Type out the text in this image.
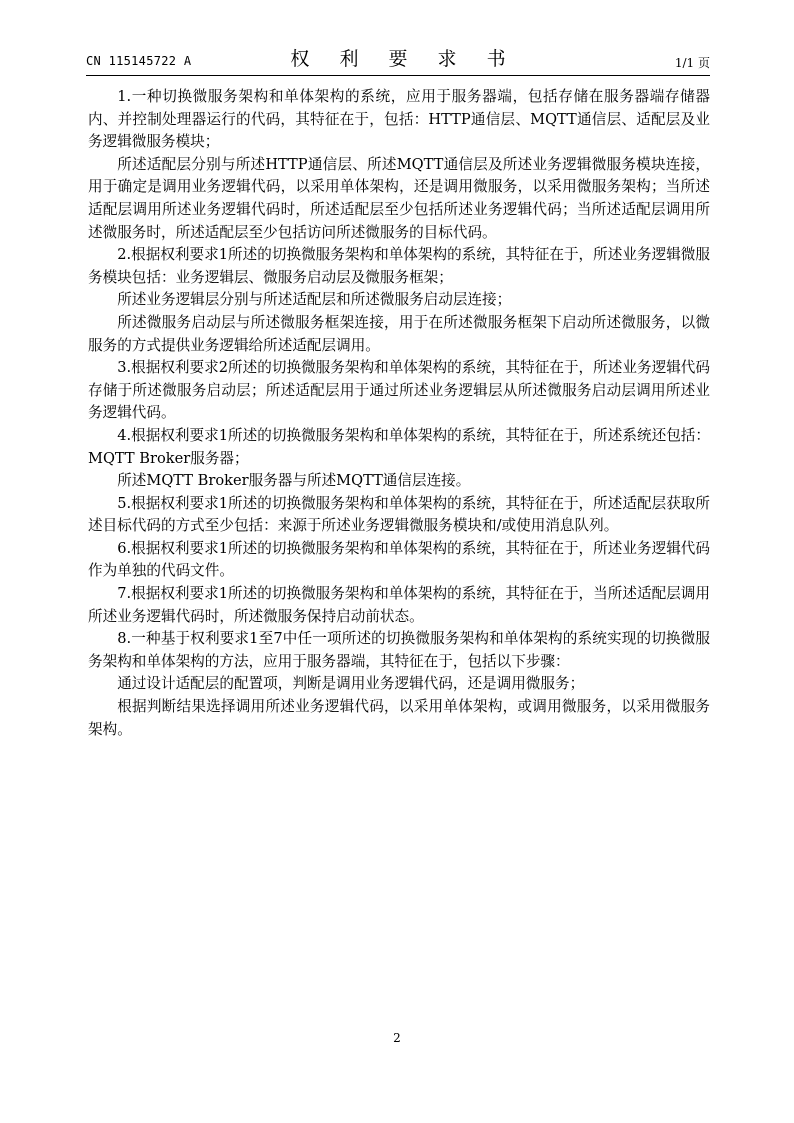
CN 115145722 A	权 利 要 求 书	1/1 页

1.一种切换微服务架构和单体架构的系统，应用于服务器端，包括存储在服务器端存储器内、并控制处理器运行的代码，其特征在于，包括：HTTP通信层、MQTT通信层、适配层及业务逻辑微服务模块；

所述适配层分别与所述HTTP通信层、所述MQTT通信层及所述业务逻辑微服务模块连接，用于确定是调用业务逻辑代码，以采用单体架构，还是调用微服务，以采用微服务架构；当所述适配层调用所述业务逻辑代码时，所述适配层至少包括所述业务逻辑代码；当所述适配层调用所述微服务时，所述适配层至少包括访问所述微服务的目标代码。

2.根据权利要求1所述的切换微服务架构和单体架构的系统，其特征在于，所述业务逻辑微服务模块包括：业务逻辑层、微服务启动层及微服务框架；

所述业务逻辑层分别与所述适配层和所述微服务启动层连接；

所述微服务启动层与所述微服务框架连接，用于在所述微服务框架下启动所述微服务，以微服务的方式提供业务逻辑给所述适配层调用。

3.根据权利要求2所述的切换微服务架构和单体架构的系统，其特征在于，所述业务逻辑代码存储于所述微服务启动层；所述适配层用于通过所述业务逻辑层从所述微服务启动层调用所述业务逻辑代码。

4.根据权利要求1所述的切换微服务架构和单体架构的系统，其特征在于，所述系统还包括：MQTT Broker服务器；

所述MQTT Broker服务器与所述MQTT通信层连接。

5.根据权利要求1所述的切换微服务架构和单体架构的系统，其特征在于，所述适配层获取所述目标代码的方式至少包括：来源于所述业务逻辑微服务模块和/或使用消息队列。

6.根据权利要求1所述的切换微服务架构和单体架构的系统，其特征在于，所述业务逻辑代码作为单独的代码文件。

7.根据权利要求1所述的切换微服务架构和单体架构的系统，其特征在于，当所述适配层调用所述业务逻辑代码时，所述微服务保持启动前状态。

8.一种基于权利要求1至7中任一项所述的切换微服务架构和单体架构的系统实现的切换微服务架构和单体架构的方法，应用于服务器端，其特征在于，包括以下步骤：

通过设计适配层的配置项，判断是调用业务逻辑代码，还是调用微服务；

根据判断结果选择调用所述业务逻辑代码，以采用单体架构，或调用微服务，以采用微服务架构。

2
